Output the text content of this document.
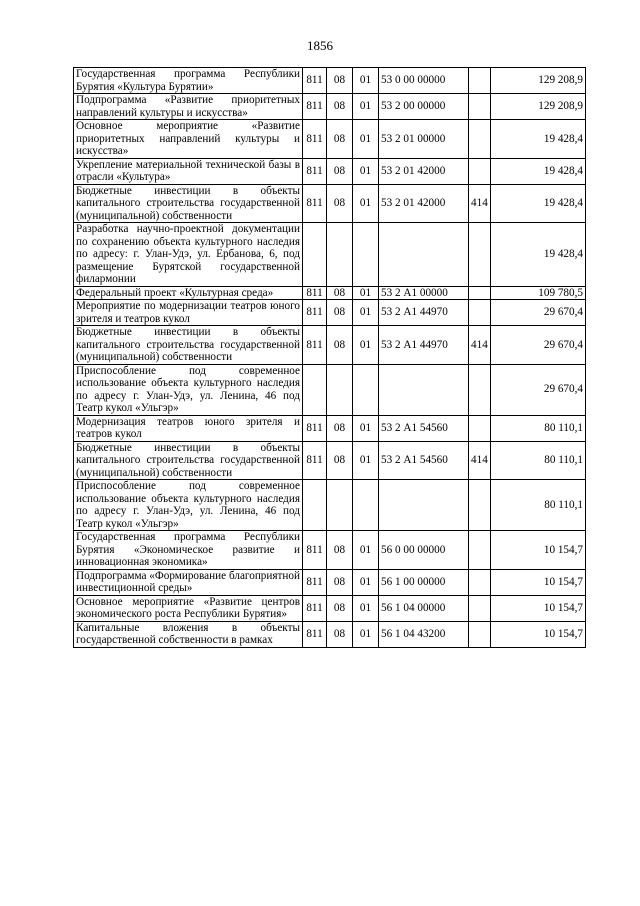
1856
Государственная программа Республики Бурятия «Культура Бурятии»	811	08	01	53 0 00 00000		129 208,9
Подпрограмма «Развитие приоритетных направлений культуры и искусства»	811	08	01	53 2 00 00000		129 208,9
Основное мероприятие «Развитие приоритетных направлений культуры и искусства»	811	08	01	53 2 01 00000		19 428,4
Укрепление материальной технической базы в отрасли «Культура»	811	08	01	53 2 01 42000		19 428,4
Бюджетные инвестиции в объекты капитального строительства государственной (муниципальной) собственности	811	08	01	53 2 01 42000	414	19 428,4
Разработка научно-проектной документации по сохранению объекта культурного наследия по адресу: г. Улан-Удэ, ул. Ербанова, 6, под размещение Бурятской государственной филармонии						19 428,4
Федеральный проект «Культурная среда»	811	08	01	53 2 А1 00000		109 780,5
Мероприятие по модернизации театров юного зрителя и театров кукол	811	08	01	53 2 А1 44970		29 670,4
Бюджетные инвестиции в объекты капитального строительства государственной (муниципальной) собственности	811	08	01	53 2 А1 44970	414	29 670,4
Приспособление под современное использование объекта культурного наследия по адресу г. Улан-Удэ, ул. Ленина, 46 под Театр кукол «Ульгэр»						29 670,4
Модернизация театров юного зрителя и театров кукол	811	08	01	53 2 А1 54560		80 110,1
Бюджетные инвестиции в объекты капитального строительства государственной (муниципальной) собственности	811	08	01	53 2 А1 54560	414	80 110,1
Приспособление под современное использование объекта культурного наследия по адресу г. Улан-Удэ, ул. Ленина, 46 под Театр кукол «Ульгэр»						80 110,1
Государственная программа Республики Бурятия «Экономическое развитие и инновационная экономика»	811	08	01	56 0 00 00000		10 154,7
Подпрограмма «Формирование благоприятной инвестиционной среды»	811	08	01	56 1 00 00000		10 154,7
Основное мероприятие «Развитие центров экономического роста Республики Бурятия»	811	08	01	56 1 04 00000		10 154,7
Капитальные вложения в объекты государственной собственности в рамках	811	08	01	56 1 04 43200		10 154,7
